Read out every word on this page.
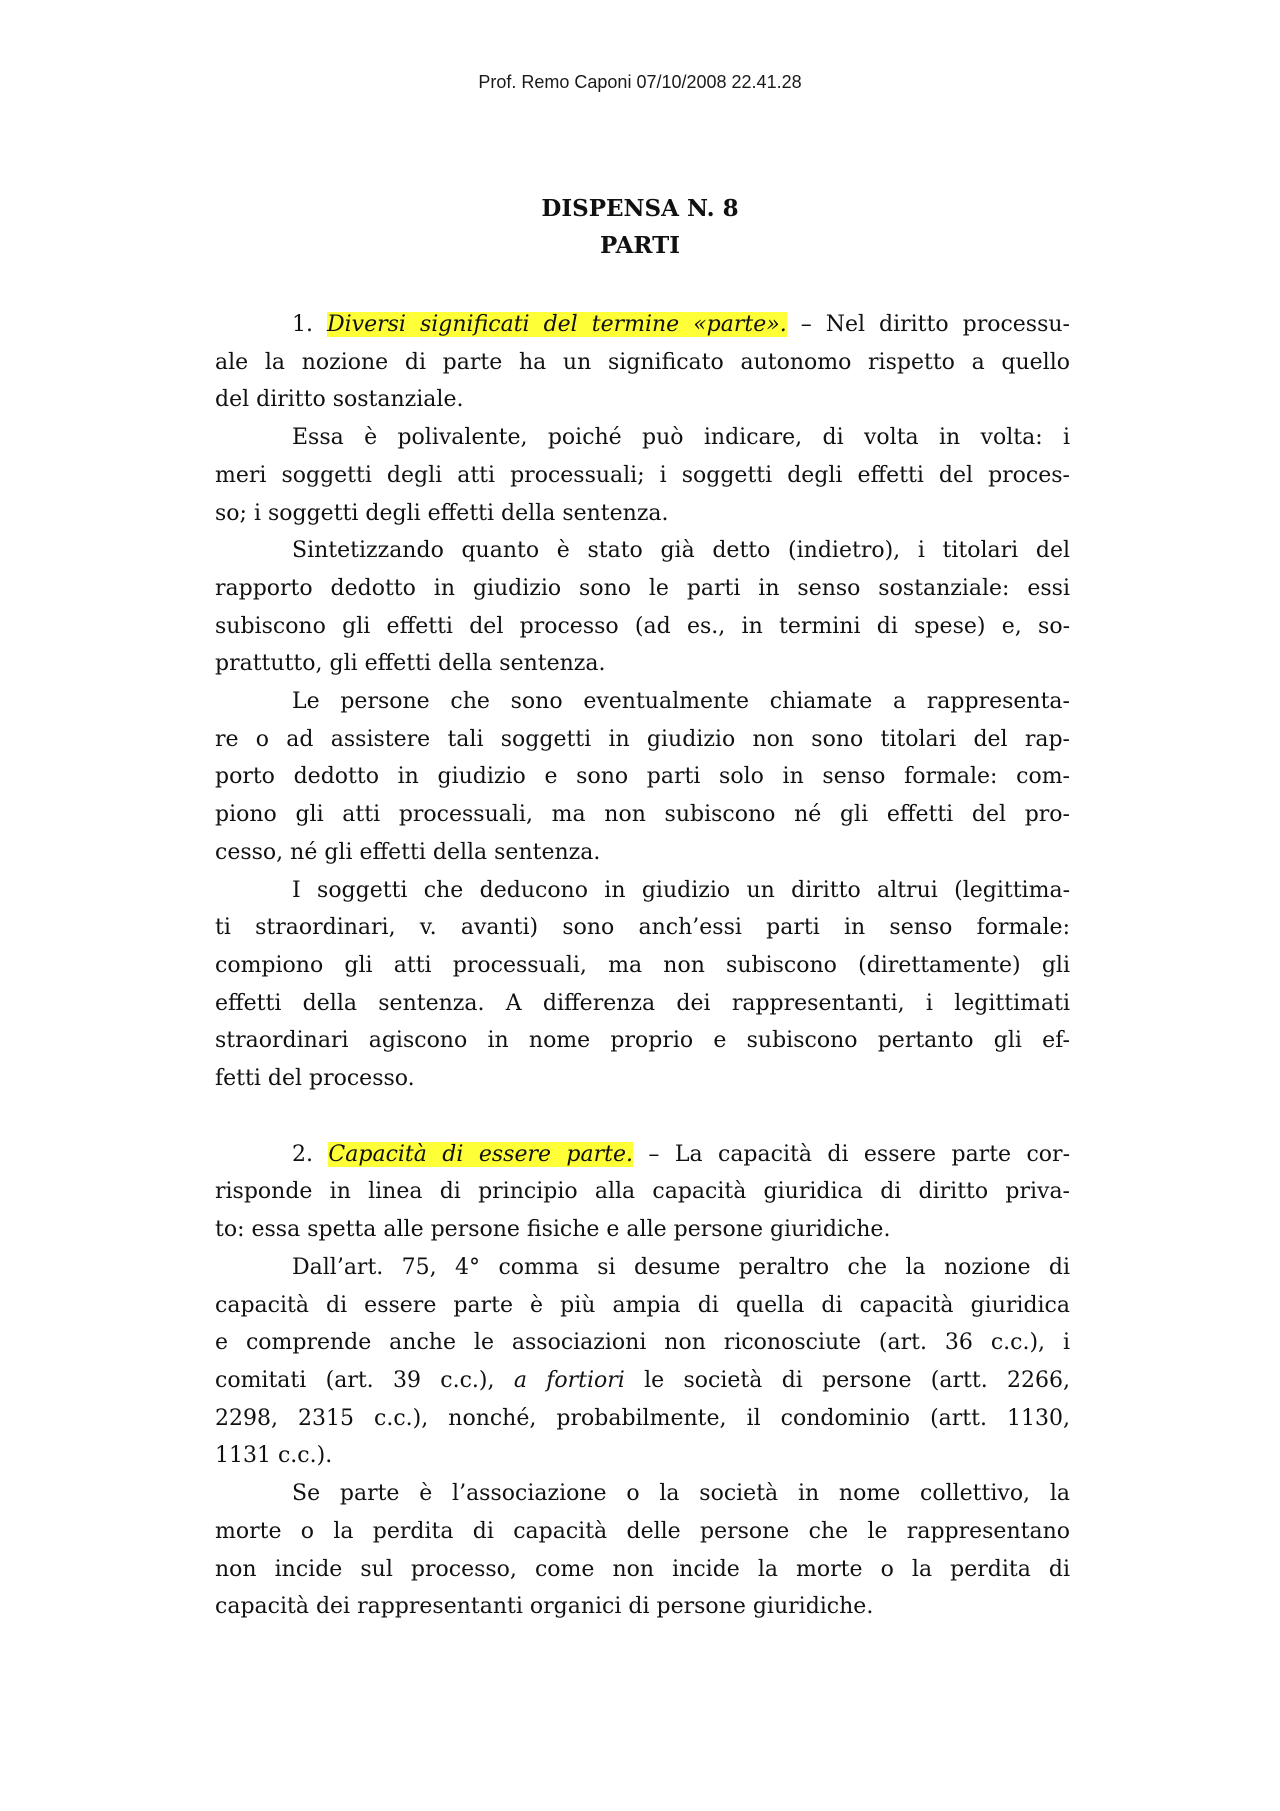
Prof. Remo Caponi 07/10/2008 22.41.28
DISPENSA N. 8
PARTI
1. Diversi significati del termine «parte». – Nel diritto processu-
ale la nozione di parte ha un significato autonomo rispetto a quello
del diritto sostanziale.
Essa è polivalente, poiché può indicare, di volta in volta: i
meri soggetti degli atti processuali; i soggetti degli effetti del proces-
so; i soggetti degli effetti della sentenza.
Sintetizzando quanto è stato già detto (indietro), i titolari del
rapporto dedotto in giudizio sono le parti in senso sostanziale: essi
subiscono gli effetti del processo (ad es., in termini di spese) e, so-
prattutto, gli effetti della sentenza.
Le persone che sono eventualmente chiamate a rappresenta-
re o ad assistere tali soggetti in giudizio non sono titolari del rap-
porto dedotto in giudizio e sono parti solo in senso formale: com-
piono gli atti processuali, ma non subiscono né gli effetti del pro-
cesso, né gli effetti della sentenza.
I soggetti che deducono in giudizio un diritto altrui (legittima-
ti straordinari, v. avanti) sono anch’essi parti in senso formale:
compiono gli atti processuali, ma non subiscono (direttamente) gli
effetti della sentenza. A differenza dei rappresentanti, i legittimati
straordinari agiscono in nome proprio e subiscono pertanto gli ef-
fetti del processo.
2. Capacità di essere parte. – La capacità di essere parte cor-
risponde in linea di principio alla capacità giuridica di diritto priva-
to: essa spetta alle persone fisiche e alle persone giuridiche.
Dall’art. 75, 4° comma si desume peraltro che la nozione di
capacità di essere parte è più ampia di quella di capacità giuridica
e comprende anche le associazioni non riconosciute (art. 36 c.c.), i
comitati (art. 39 c.c.), a fortiori le società di persone (artt. 2266,
2298, 2315 c.c.), nonché, probabilmente, il condominio (artt. 1130,
1131 c.c.).
Se parte è l’associazione o la società in nome collettivo, la
morte o la perdita di capacità delle persone che le rappresentano
non incide sul processo, come non incide la morte o la perdita di
capacità dei rappresentanti organici di persone giuridiche.
